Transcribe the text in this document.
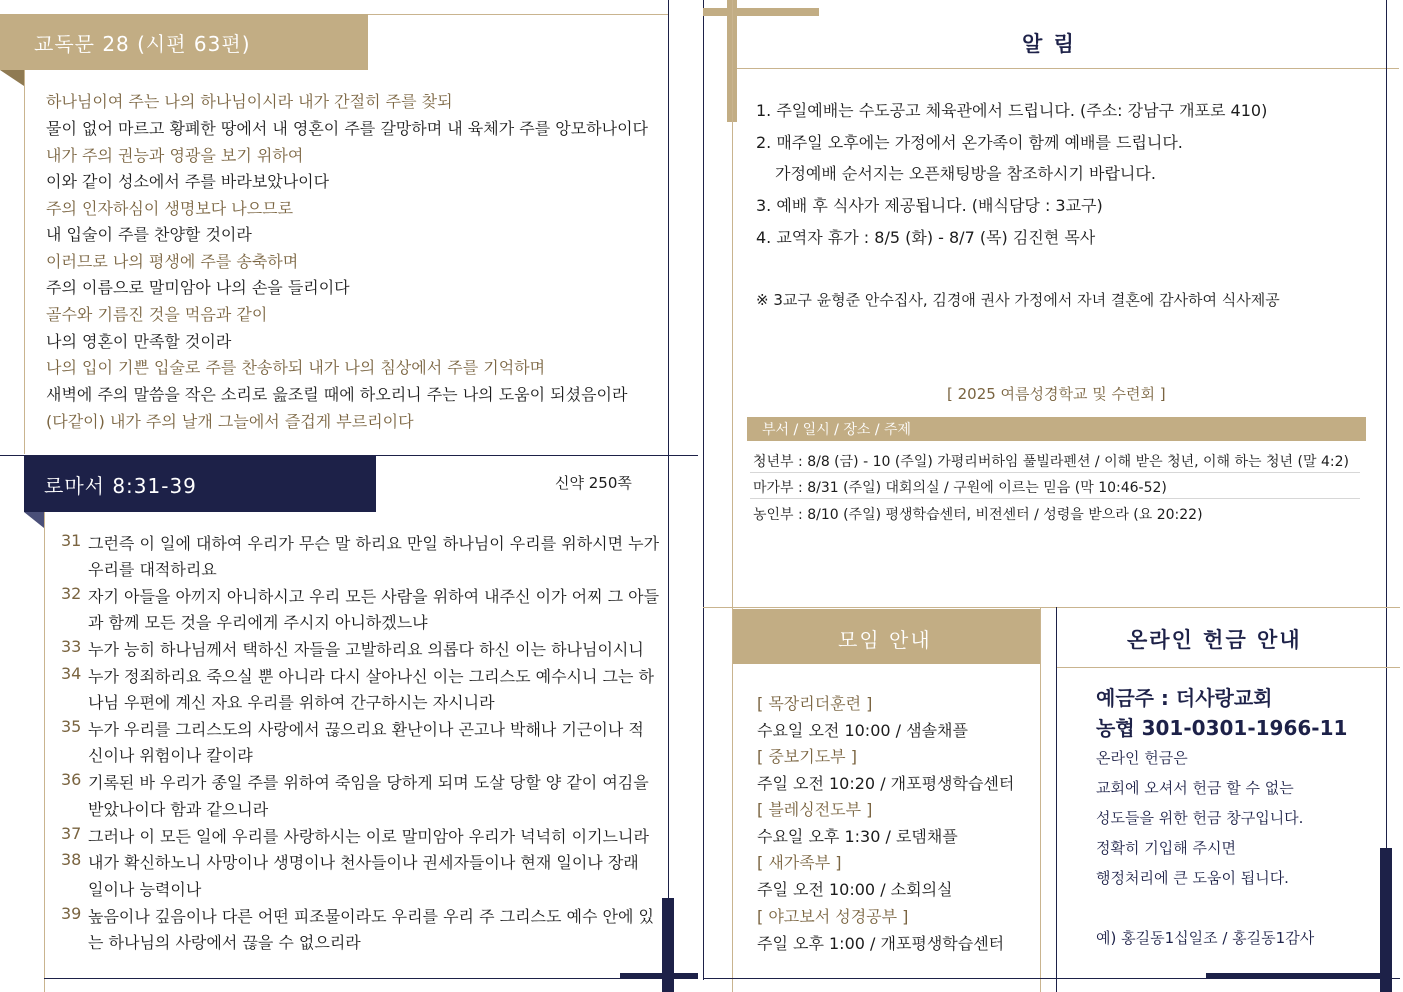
교독문 28 (시편 63편)
하나님이여 주는 나의 하나님이시라 내가 간절히 주를 찾되
물이 없어 마르고 황폐한 땅에서 내 영혼이 주를 갈망하며 내 육체가 주를 앙모하나이다
내가 주의 권능과 영광을 보기 위하여
이와 같이 성소에서 주를 바라보았나이다
주의 인자하심이 생명보다 나으므로
내 입술이 주를 찬양할 것이라
이러므로 나의 평생에 주를 송축하며
주의 이름으로 말미암아 나의 손을 들리이다
골수와 기름진 것을 먹음과 같이
나의 영혼이 만족할 것이라
나의 입이 기쁜 입술로 주를 찬송하되 내가 나의 침상에서 주를 기억하며
새벽에 주의 말씀을 작은 소리로 읊조릴 때에 하오리니 주는 나의 도움이 되셨음이라
(다같이) 내가 주의 날개 그늘에서 즐겁게 부르리이다
로마서 8:31-39	신약 250쪽
31 그런즉 이 일에 대하여 우리가 무슨 말 하리요 만일 하나님이 우리를 위하시면 누가
우리를 대적하리요
32 자기 아들을 아끼지 아니하시고 우리 모든 사람을 위하여 내주신 이가 어찌 그 아들
과 함께 모든 것을 우리에게 주시지 아니하겠느냐
33 누가 능히 하나님께서 택하신 자들을 고발하리요 의롭다 하신 이는 하나님이시니
34 누가 정죄하리요 죽으실 뿐 아니라 다시 살아나신 이는 그리스도 예수시니 그는 하
나님 우편에 계신 자요 우리를 위하여 간구하시는 자시니라
35 누가 우리를 그리스도의 사랑에서 끊으리요 환난이나 곤고나 박해나 기근이나 적
신이나 위험이나 칼이랴
36 기록된 바 우리가 종일 주를 위하여 죽임을 당하게 되며 도살 당할 양 같이 여김을
받았나이다 함과 같으니라
37 그러나 이 모든 일에 우리를 사랑하시는 이로 말미암아 우리가 넉넉히 이기느니라
38 내가 확신하노니 사망이나 생명이나 천사들이나 권세자들이나 현재 일이나 장래
일이나 능력이나
39 높음이나 깊음이나 다른 어떤 피조물이라도 우리를 우리 주 그리스도 예수 안에 있
는 하나님의 사랑에서 끊을 수 없으리라
알 림
1. 주일예배는 수도공고 체육관에서 드립니다. (주소: 강남구 개포로 410)
2. 매주일 오후에는 가정에서 온가족이 함께 예배를 드립니다.
가정예배 순서지는 오픈채팅방을 참조하시기 바랍니다.
3. 예배 후 식사가 제공됩니다. (배식담당 : 3교구)
4. 교역자 휴가 : 8/5 (화) - 8/7 (목) 김진현 목사
※ 3교구 윤형준 안수집사, 김경애 권사 가정에서 자녀 결혼에 감사하여 식사제공
[ 2025 여름성경학교 및 수련회 ]
부서 / 일시 / 장소 / 주제
청년부 : 8/8 (금) - 10 (주일) 가평리버하임 풀빌라펜션 / 이해 받은 청년, 이해 하는 청년 (말 4:2)
마가부 : 8/31 (주일) 대회의실 / 구원에 이르는 믿음 (막 10:46-52)
농인부 : 8/10 (주일) 평생학습센터, 비전센터 / 성령을 받으라 (요 20:22)
모임 안내
[ 목장리더훈련 ]
수요일 오전 10:00 / 샘솔채플
[ 중보기도부 ]
주일 오전 10:20 / 개포평생학습센터
[ 블레싱전도부 ]
수요일 오후 1:30 / 로뎀채플
[ 새가족부 ]
주일 오전 10:00 / 소회의실
[ 야고보서 성경공부 ]
주일 오후 1:00 / 개포평생학습센터
온라인 헌금 안내
예금주 : 더사랑교회
농협 301-0301-1966-11
온라인 헌금은
교회에 오셔서 헌금 할 수 없는
성도들을 위한 헌금 창구입니다.
정확히 기입해 주시면
행정처리에 큰 도움이 됩니다.
예) 홍길동1십일조 / 홍길동1감사
